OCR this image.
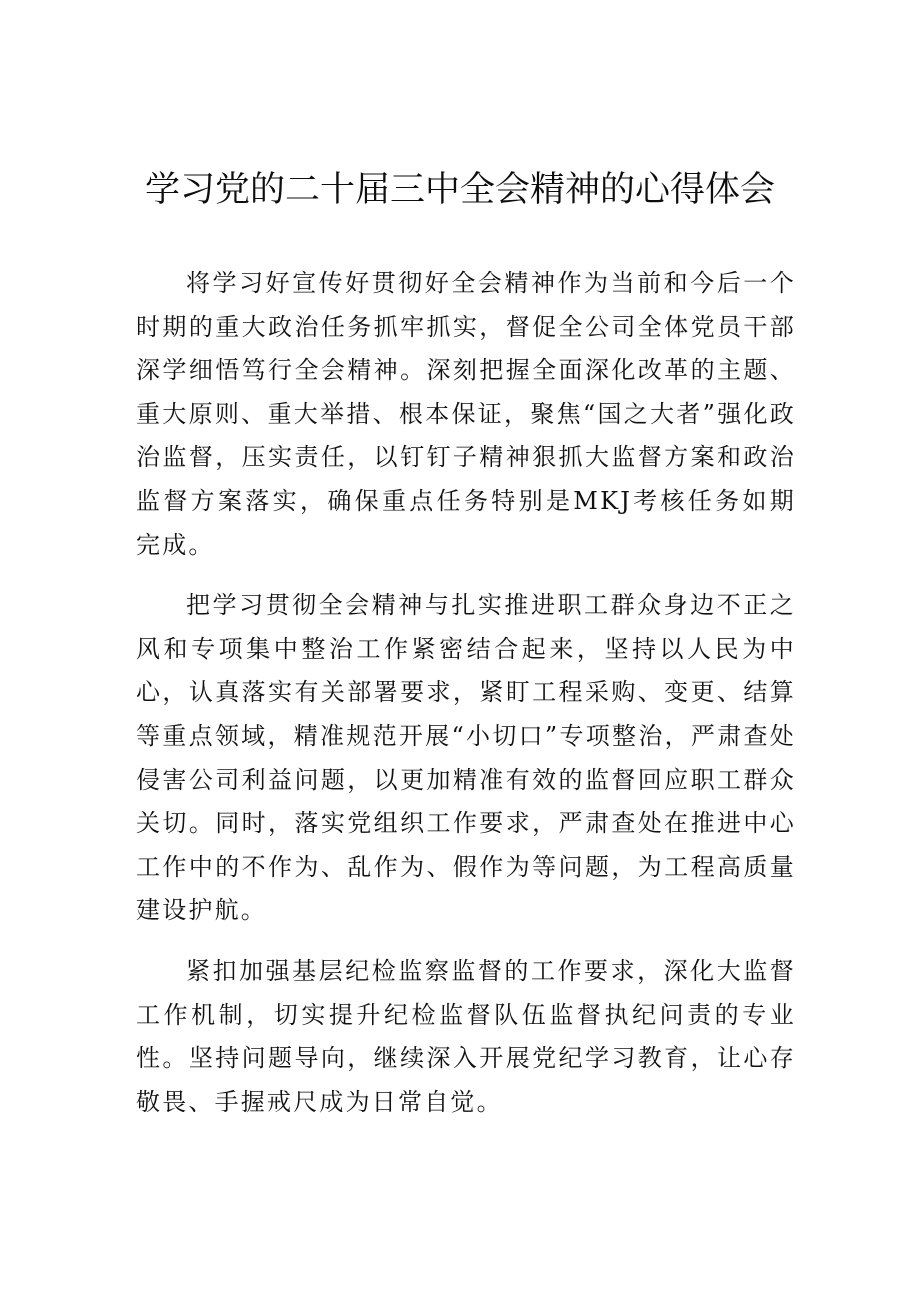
学习党的二十届三中全会精神的心得体会

将学习好宣传好贯彻好全会精神作为当前和今后一个时期的重大政治任务抓牢抓实，督促全公司全体党员干部深学细悟笃行全会精神。深刻把握全面深化改革的主题、重大原则、重大举措、根本保证，聚焦“国之大者”强化政治监督，压实责任，以钉钉子精神狠抓大监督方案和政治监督方案落实，确保重点任务特别是MKJ考核任务如期完成。

把学习贯彻全会精神与扎实推进职工群众身边不正之风和专项集中整治工作紧密结合起来，坚持以人民为中心，认真落实有关部署要求，紧盯工程采购、变更、结算等重点领域，精准规范开展“小切口”专项整治，严肃查处侵害公司利益问题，以更加精准有效的监督回应职工群众关切。同时，落实党组织工作要求，严肃查处在推进中心工作中的不作为、乱作为、假作为等问题，为工程高质量建设护航。

紧扣加强基层纪检监察监督的工作要求，深化大监督工作机制，切实提升纪检监督队伍监督执纪问责的专业性。坚持问题导向，继续深入开展党纪学习教育，让心存敬畏、手握戒尺成为日常自觉。
